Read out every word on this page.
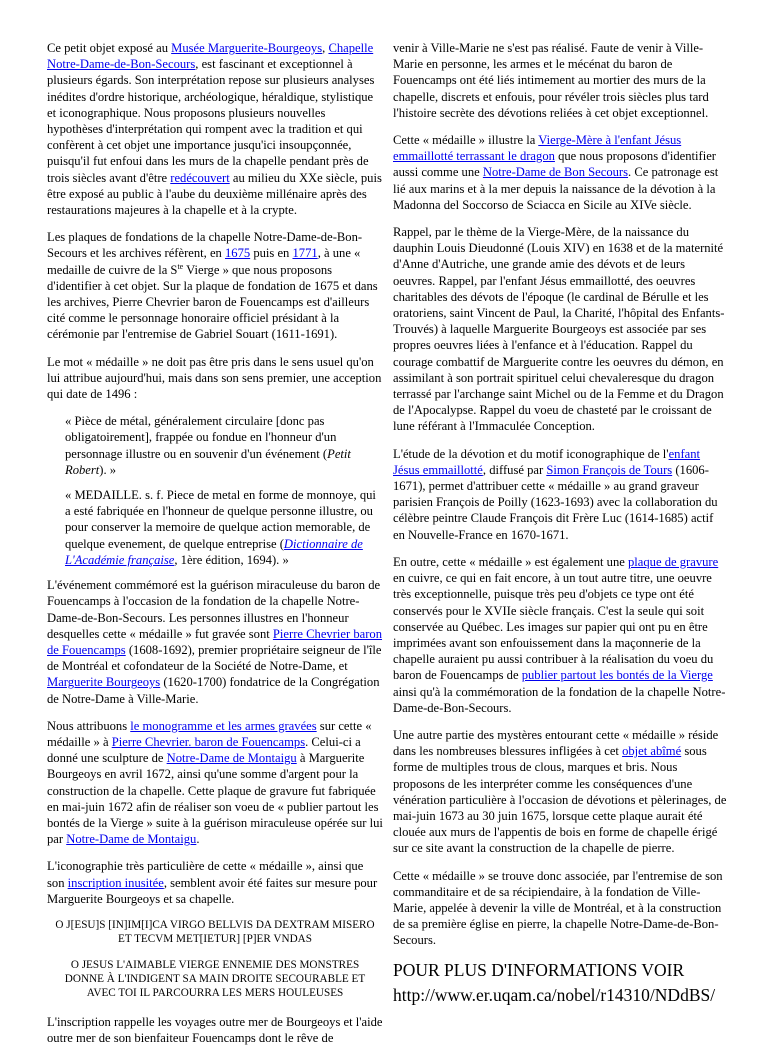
Ce petit objet exposé au Musée Marguerite-Bourgeoys, Chapelle Notre-Dame-de-Bon-Secours, est fascinant et exceptionnel à plusieurs égards. Son interprétation repose sur plusieurs analyses inédites d'ordre historique, archéologique, héraldique, stylistique et iconographique. Nous proposons plusieurs nouvelles hypothèses d'interprétation qui rompent avec la tradition et qui confèrent à cet objet une importance jusqu'ici insoupçonnée, puisqu'il fut enfoui dans les murs de la chapelle pendant près de trois siècles avant d'être redécouvert au milieu du XXe siècle, puis être exposé au public à l'aube du deuxième millénaire après des restaurations majeures à la chapelle et à la crypte.

Les plaques de fondations de la chapelle Notre-Dame-de-Bon-Secours et les archives réfèrent, en 1675 puis en 1771, à une « medaille de cuivre de la $S^{te}$ Vierge » que nous proposons d'identifier à cet objet. Sur la plaque de fondation de 1675 et dans les archives, Pierre Chevrier baron de Fouencamps est d'ailleurs cité comme le personnage honoraire officiel présidant à la cérémonie par l'entremise de Gabriel Souart (1611-1691).

Le mot « médaille » ne doit pas être pris dans le sens usuel qu'on lui attribue aujourd'hui, mais dans son sens premier, une acception qui date de 1496 :

« Pièce de métal, généralement circulaire [donc pas obligatoirement], frappée ou fondue en l'honneur d'un personnage illustre ou en souvenir d'un événement (Petit Robert). »

« MEDAILLE. s. f. Piece de metal en forme de monnoye, qui a esté fabriquée en l'honneur de quelque personne illustre, ou pour conserver la memoire de quelque action memorable, de quelque evenement, de quelque entreprise (Dictionnaire de L'Académie française, 1ère édition, 1694). »

L'événement commémoré est la guérison miraculeuse du baron de Fouencamps à l'occasion de la fondation de la chapelle Notre-Dame-de-Bon-Secours. Les personnes illustres en l'honneur desquelles cette « médaille » fut gravée sont Pierre Chevrier baron de Fouencamps (1608-1692), premier propriétaire seigneur de l'île de Montréal et cofondateur de la Société de Notre-Dame, et Marguerite Bourgeoys (1620-1700) fondatrice de la Congrégation de Notre-Dame à Ville-Marie.

Nous attribuons le monogramme et les armes gravées sur cette « médaille » à Pierre Chevrier. baron de Fouencamps. Celui-ci a donné une sculpture de Notre-Dame de Montaigu à Marguerite Bourgeoys en avril 1672, ainsi qu'une somme d'argent pour la construction de la chapelle. Cette plaque de gravure fut fabriquée en mai-juin 1672 afin de réaliser son voeu de « publier partout les bontés de la Vierge » suite à la guérison miraculeuse opérée sur lui par Notre-Dame de Montaigu.

L'iconographie très particulière de cette « médaille », ainsi que son inscription inusitée, semblent avoir été faites sur mesure pour Marguerite Bourgeoys et sa chapelle.

O J[ESU]S [IN]IM[I]CA VIRGO BELLVIS DA DEXTRAM MISERO
ET TECVM MET[IETUR] [P]ER VNDAS
O JESUS L'AIMABLE VIERGE ENNEMIE DES MONSTRES
DONNE À L'INDIGENT SA MAIN DROITE SECOURABLE ET
AVEC TOI IL PARCOURRA LES MERS HOULEUSES

L'inscription rappelle les voyages outre mer de Bourgeoys et l'aide outre mer de son bienfaiteur Fouencamps dont le rêve de

venir à Ville-Marie ne s'est pas réalisé. Faute de venir à Ville-Marie en personne, les armes et le mécénat du baron de Fouencamps ont été liés intimement au mortier des murs de la chapelle, discrets et enfouis, pour révéler trois siècles plus tard l'histoire secrète des dévotions reliées à cet objet exceptionnel.

Cette « médaille » illustre la Vierge-Mère à l'enfant Jésus emmaillotté terrassant le dragon que nous proposons d'identifier aussi comme une Notre-Dame de Bon Secours. Ce patronage est lié aux marins et à la mer depuis la naissance de la dévotion à la Madonna del Soccorso de Sciacca en Sicile au XIVe siècle.

Rappel, par le thème de la Vierge-Mère, de la naissance du dauphin Louis Dieudonné (Louis XIV) en 1638 et de la maternité d'Anne d'Autriche, une grande amie des dévots et de leurs oeuvres. Rappel, par l'enfant Jésus emmaillotté, des oeuvres charitables des dévots de l'époque (le cardinal de Bérulle et les oratoriens, saint Vincent de Paul, la Charité, l'hôpital des Enfants-Trouvés) à laquelle Marguerite Bourgeoys est associée par ses propres oeuvres liées à l'enfance et à l'éducation. Rappel du courage combattif de Marguerite contre les oeuvres du démon, en assimilant à son portrait spirituel celui chevaleresque du dragon terrassé par l'archange saint Michel ou de la Femme et du Dragon de l'Apocalypse. Rappel du voeu de chasteté par le croissant de lune référant à l'Immaculée Conception.

L'étude de la dévotion et du motif iconographique de l'enfant Jésus emmaillotté, diffusé par Simon François de Tours (1606-1671), permet d'attribuer cette « médaille » au grand graveur parisien François de Poilly (1623-1693) avec la collaboration du célèbre peintre Claude François dit Frère Luc (1614-1685) actif en Nouvelle-France en 1670-1671.

En outre, cette « médaille » est également une plaque de gravure en cuivre, ce qui en fait encore, à un tout autre titre, une oeuvre très exceptionnelle, puisque très peu d'objets ce type ont été conservés pour le XVIIe siècle français. C'est la seule qui soit conservée au Québec. Les images sur papier qui ont pu en être imprimées avant son enfouissement dans la maçonnerie de la chapelle auraient pu aussi contribuer à la réalisation du voeu du baron de Fouencamps de publier partout les bontés de la Vierge ainsi qu'à la commémoration de la fondation de la chapelle Notre-Dame-de-Bon-Secours.

Une autre partie des mystères entourant cette « médaille » réside dans les nombreuses blessures infligées à cet objet abîmé sous forme de multiples trous de clous, marques et bris. Nous proposons de les interpréter comme les conséquences d'une vénération particulière à l'occasion de dévotions et pèlerinages, de mai-juin 1673 au 30 juin 1675, lorsque cette plaque aurait été clouée aux murs de l'appentis de bois en forme de chapelle érigé sur ce site avant la construction de la chapelle de pierre.

Cette « médaille » se trouve donc associée, par l'entremise de son commanditaire et de sa récipiendaire, à la fondation de Ville-Marie, appelée à devenir la ville de Montréal, et à la construction de sa première église en pierre, la chapelle Notre-Dame-de-Bon-Secours.

POUR PLUS D'INFORMATIONS VOIR
http://www.er.uqam.ca/nobel/r14310/NDdBS/
